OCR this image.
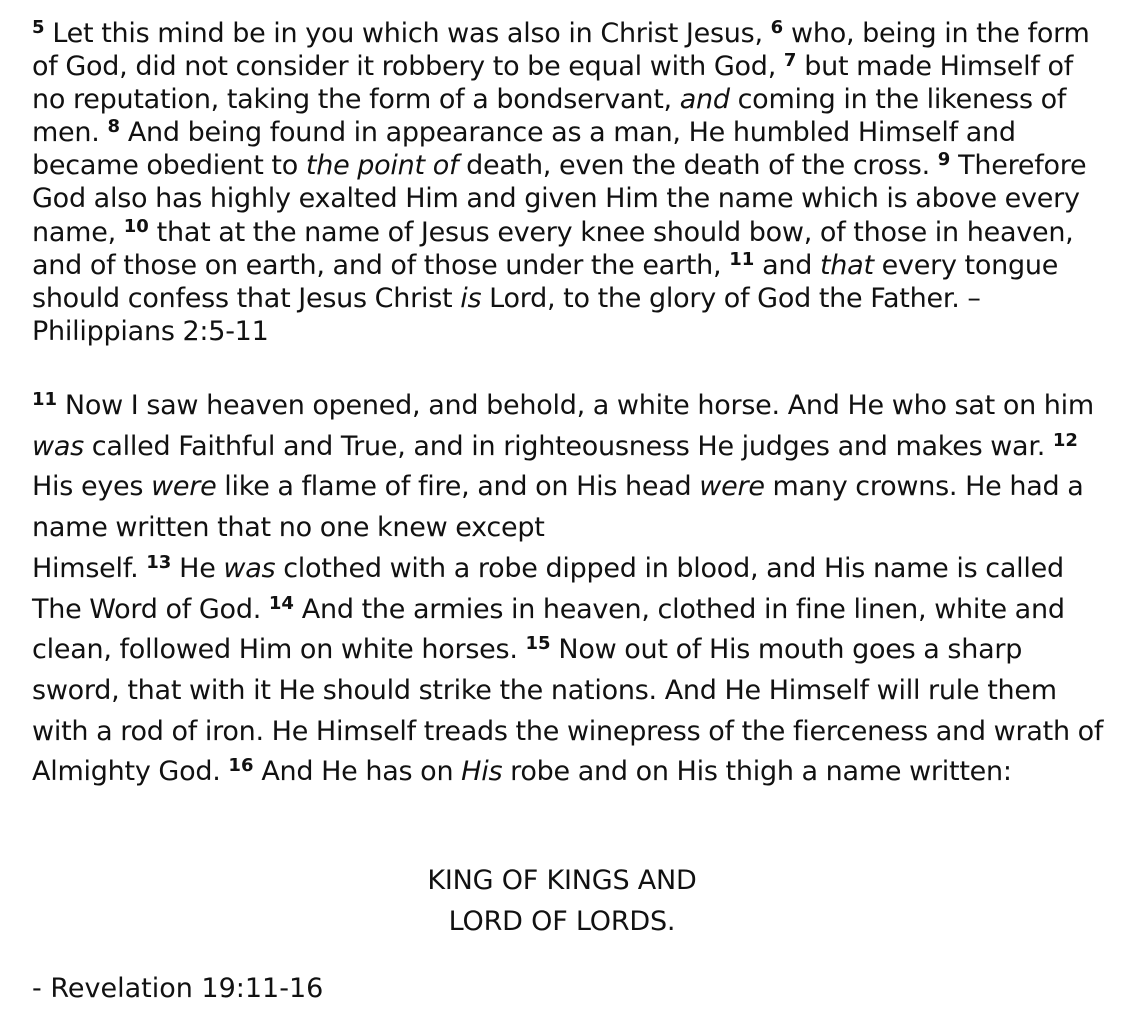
$^5$ Let this mind be in you which was also in Christ Jesus, $^6$ who, being in the form of God, did not consider it robbery to be equal with God, $^7$ but made Himself of no reputation, taking the form of a bondservant, and coming in the likeness of men. $^8$ And being found in appearance as a man, He humbled Himself and became obedient to the point of death, even the death of the cross. $^9$ Therefore God also has highly exalted Him and given Him the name which is above every name, $^{10}$ that at the name of Jesus every knee should bow, of those in heaven, and of those on earth, and of those under the earth, $^{11}$ and that every tongue should confess that Jesus Christ is Lord, to the glory of God the Father. – Philippians 2:5-11

$^{11}$ Now I saw heaven opened, and behold, a white horse. And He who sat on him was called Faithful and True, and in righteousness He judges and makes war. $^{12}$ His eyes were like a flame of fire, and on His head were many crowns. He had a name written that no one knew except
Himself. $^{13}$ He was clothed with a robe dipped in blood, and His name is called The Word of God. $^{14}$ And the armies in heaven, clothed in fine linen, white and clean, followed Him on white horses. $^{15}$ Now out of His mouth goes a sharp sword, that with it He should strike the nations. And He Himself will rule them with a rod of iron. He Himself treads the winepress of the fierceness and wrath of Almighty God. $^{16}$ And He has on His robe and on His thigh a name written:

KING OF KINGS AND
LORD OF LORDS.
- Revelation 19:11-16
